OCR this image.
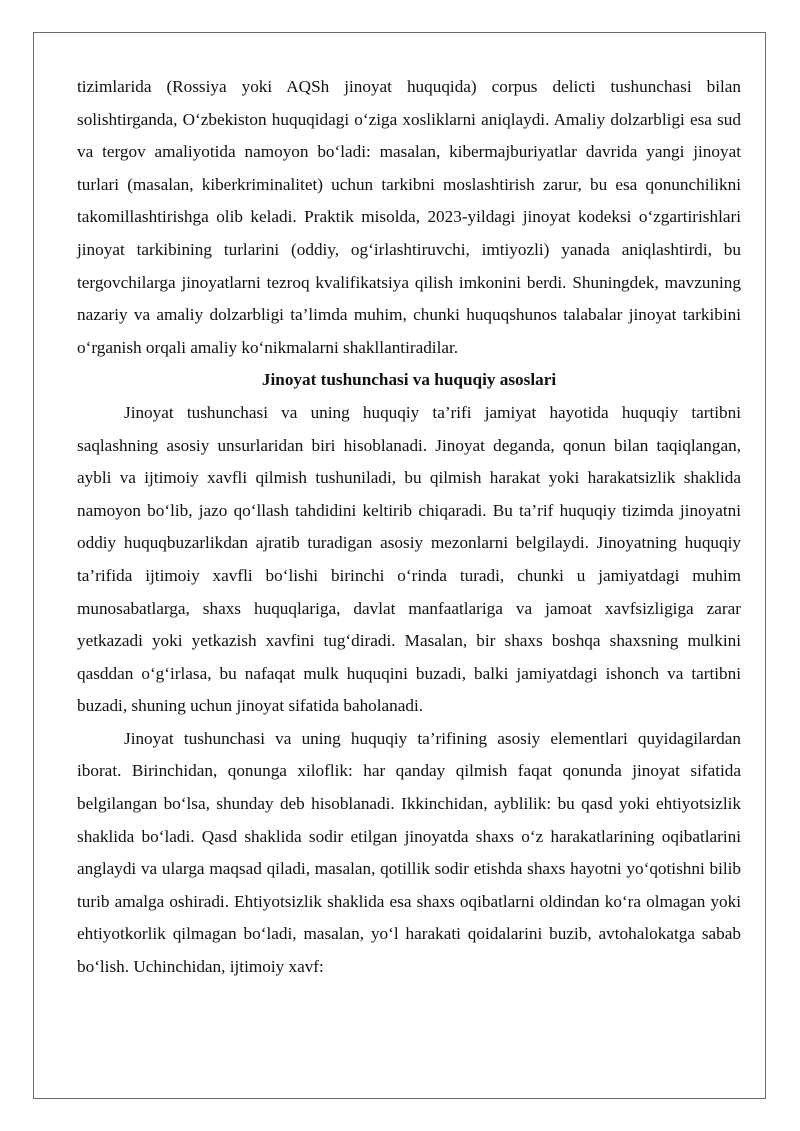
tizimlarida (Rossiya yoki AQSh jinoyat huquqida) corpus delicti tushunchasi bilan solishtirganda, O‘zbekiston huquqidagi o‘ziga xosliklarni aniqlaydi. Amaliy dolzarbligi esa sud va tergov amaliyotida namoyon bo‘ladi: masalan, kibermajburiyatlar davrida yangi jinoyat turlari (masalan, kiberkriminalitet) uchun tarkibni moslashtirish zarur, bu esa qonunchilikni takomillashtirishga olib keladi. Praktik misolda, 2023-yildagi jinoyat kodeksi o‘zgartirishlari jinoyat tarkibining turlarini (oddiy, og‘irlashtiruvchi, imtiyozli) yanada aniqlashtirdi, bu tergovchilarga jinoyatlarni tezroq kvalifikatsiya qilish imkonini berdi. Shuningdek, mavzuning nazariy va amaliy dolzarbligi ta’limda muhim, chunki huquqshunos talabalar jinoyat tarkibini o‘rganish orqali amaliy ko‘nikmalarni shakllantiradilar.

Jinoyat tushunchasi va huquqiy asoslari

Jinoyat tushunchasi va uning huquqiy ta’rifi jamiyat hayotida huquqiy tartibni saqlashning asosiy unsurlaridan biri hisoblanadi. Jinoyat deganda, qonun bilan taqiqlangan, aybli va ijtimoiy xavfli qilmish tushuniladi, bu qilmish harakat yoki harakatsizlik shaklida namoyon bo‘lib, jazo qo‘llash tahdidini keltirib chiqaradi. Bu ta’rif huquqiy tizimda jinoyatni oddiy huquqbuzarlikdan ajratib turadigan asosiy mezonlarni belgilaydi. Jinoyatning huquqiy ta’rifida ijtimoiy xavfli bo‘lishi birinchi o‘rinda turadi, chunki u jamiyatdagi muhim munosabatlarga, shaxs huquqlariga, davlat manfaatlariga va jamoat xavfsizligiga zarar yetkazadi yoki yetkazish xavfini tug‘diradi. Masalan, bir shaxs boshqa shaxsning mulkini qasddan o‘g‘irlasa, bu nafaqat mulk huquqini buzadi, balki jamiyatdagi ishonch va tartibni buzadi, shuning uchun jinoyat sifatida baholanadi.

Jinoyat tushunchasi va uning huquqiy ta’rifining asosiy elementlari quyidagilardan iborat. Birinchidan, qonunga xiloflik: har qanday qilmish faqat qonunda jinoyat sifatida belgilangan bo‘lsa, shunday deb hisoblanadi. Ikkinchidan, ayblilik: bu qasd yoki ehtiyotsizlik shaklida bo‘ladi. Qasd shaklida sodir etilgan jinoyatda shaxs o‘z harakatlarining oqibatlarini anglaydi va ularga maqsad qiladi, masalan, qotillik sodir etishda shaxs hayotni yo‘qotishni bilib turib amalga oshiradi. Ehtiyotsizlik shaklida esa shaxs oqibatlarni oldindan ko‘ra olmagan yoki ehtiyotkorlik qilmagan bo‘ladi, masalan, yo‘l harakati qoidalarini buzib, avtohalokatga sabab bo‘lish. Uchinchidan, ijtimoiy xavf:
